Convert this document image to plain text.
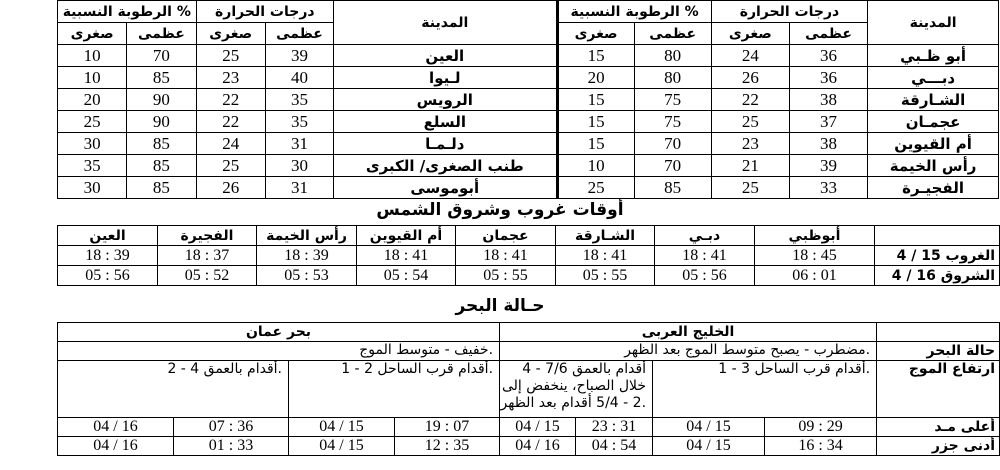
الرطوبة النسبية %		درجات الحرارة		المدينة	الرطوبة النسبية %		درجات الحرارة		المدينة
صغرى	عظمى	صغرى	عظمى		صغرى	عظمى	صغرى	عظمى	
10	70	25	39	العين	15	80	24	36	أبو ظـبي
10	85	23	40	لـيوا	20	80	26	36	دبـــي
20	90	22	35	الرويس	15	75	22	38	الشـارقة
25	90	22	35	السلع	15	75	25	37	عجمـان
30	85	24	31	دلـمـا	15	70	23	38	أم القيوين
35	85	25	30	طنب الصغرى/ الكبرى	10	70	21	39	رأس الخيمة
30	85	26	31	أبوموسى	25	85	25	33	الفجيـرة
أوقات غروب وشروق الشمس
العين	الفجيرة	رأس الخيمة	أم القيوين	عجمان	الشـارقة	دبـي	أبوظبي	
18 : 39	18 : 37	18 : 39	18 : 41	18 : 41	18 : 41	18 : 41	18 : 45	الغروب 15 / 4
05 : 56	05 : 52	05 : 53	05 : 54	05 : 55	05 : 55	05 : 56	06 : 01	الشروق 16 / 4
حـالة البحر
بحر عمان				الخليج العربى				
خفيف - متوسط الموج.				مضطرب - يصبح متوسط الموج بعد الظهر.				حالة البحر
2 - 4 أقدام بالعمق.		1 - 2 أقدام قرب الساحل.		4 - 7/6 أقدام بالعمق خلال الصباح، ينخفض إلى 2 - 5/4 أقدام بعد الظهر.		1 - 3 أقدام قرب الساحل.		ارتفاع الموج
04 / 16	07 : 36	04 / 15	19 : 07	04 / 15	23 : 31	04 / 15	09 : 29	أعلى مـد
04 / 16	01 : 33	04 / 15	12 : 35	04 / 16	04 : 54	04 / 15	16 : 34	أدنى جزر
